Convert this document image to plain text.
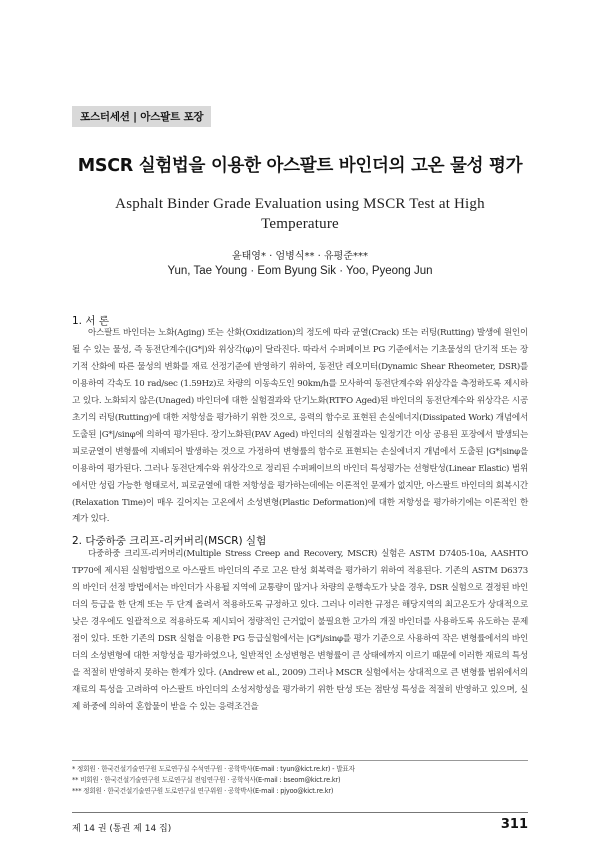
포스터세션 | 아스팔트 포장
MSCR 실험법을 이용한 아스팔트 바인더의 고온 물성 평가
Asphalt Binder Grade Evaluation using MSCR Test at High Temperature
윤태영* · 엄병식** · 유평준***
Yun, Tae Young · Eom Byung Sik · Yoo, Pyeong Jun
1. 서 론

아스팔트 바인더는 노화(Aging) 또는 산화(Oxidization)의 정도에 따라 균열(Crack) 또는 러팅(Rutting) 발생에 원인이 될 수 있는 물성, 즉 동전단계수(|G*|)와 위상각(φ)이 달라진다. 따라서 수퍼페이브 PG 기준에서는 기초물성의 단기적 또는 장기적 산화에 따른 물성의 변화를 재료 선정기준에 반영하기 위하여, 동전단 레오미터(Dynamic Shear Rheometer, DSR)를 이용하여 각속도 10 rad/sec (1.59Hz)로 차량의 이동속도인 90km/h를 모사하여 동전단계수와 위상각을 측정하도록 제시하고 있다. 노화되지 않은(Unaged) 바인더에 대한 실험결과와 단기노화(RTFO Aged)된 바인더의 동전단계수와 위상각은 시공 초기의 러팅(Rutting)에 대한 저항성을 평가하기 위한 것으로, 응력의 함수로 표현된 손실에너지(Dissipated Work) 개념에서 도출된 |G*|/sinφ에 의하여 평가된다. 장기노화된(PAV Aged) 바인더의 실험결과는 일정기간 이상 공용된 포장에서 발생되는 피로균열이 변형률에 지배되어 발생하는 것으로 가정하여 변형률의 함수로 표현되는 손실에너지 개념에서 도출된 |G*|sinφ을 이용하여 평가된다. 그러나 동전단계수와 위상각으로 정리된 수퍼페이브의 바인더 특성평가는 선형탄성(Linear Elastic) 범위에서만 성립 가능한 형태로서, 피로균열에 대한 저항성을 평가하는데에는 이론적인 문제가 없지만, 아스팔트 바인더의 회복시간(Relaxation Time)이 매우 길어지는 고온에서 소성변형(Plastic Deformation)에 대한 저항성을 평가하기에는 이론적인 한계가 있다.

2. 다중하중 크리프-리커버리(MSCR) 실험

다중하중 크리프-리커버리(Multiple Stress Creep and Recovery, MSCR) 실험은 ASTM D7405-10a, AASHTO TP70에 제시된 실험방법으로 아스팔트 바인더의 주로 고온 탄성 회복력을 평가하기 위하여 적용된다. 기존의 ASTM D6373의 바인더 선정 방법에서는 바인더가 사용될 지역에 교통량이 많거나 차량의 운행속도가 낮을 경우, DSR 실험으로 결정된 바인더의 등급을 한 단계 또는 두 단계 올려서 적용하도록 규정하고 있다. 그러나 이러한 규정은 해당지역의 최고온도가 상대적으로 낮은 경우에도 일괄적으로 적용하도록 제시되어 정량적인 근거없이 불필요한 고가의 개질 바인더를 사용하도록 유도하는 문제점이 있다. 또한 기존의 DSR 실험을 이용한 PG 등급실험에서는 |G*|/sinφ를 평가 기준으로 사용하여 작은 변형률에서의 바인더의 소성변형에 대한 저항성을 평가하였으나, 일반적인 소성변형은 변형률이 큰 상태에까지 이르기 때문에 이러한 재료의 특성을 적절히 반영하지 못하는 한계가 있다. (Andrew et al., 2009) 그러나 MSCR 실험에서는 상대적으로 큰 변형률 범위에서의 재료의 특성을 고려하여 아스팔트 바인더의 소성저항성을 평가하기 위한 탄성 또는 점탄성 특성을 적절히 반영하고 있으며, 실제 하중에 의하여 혼합물이 받을 수 있는 응력조건을

* 정회원 · 한국건설기술연구원 도로연구실 수석연구원 · 공학박사(E-mail : tyun@kict.re.kr) - 발표자
** 비회원 · 한국건설기술연구원 도로연구실 전임연구원 · 공학석사(E-mail : bseom@kict.re.kr)
*** 정회원 · 한국건설기술연구원 도로연구실 연구위원 · 공학박사(E-mail : pjyoo@kict.re.kr)
제 14 권 (통권 제 14 집)	311
